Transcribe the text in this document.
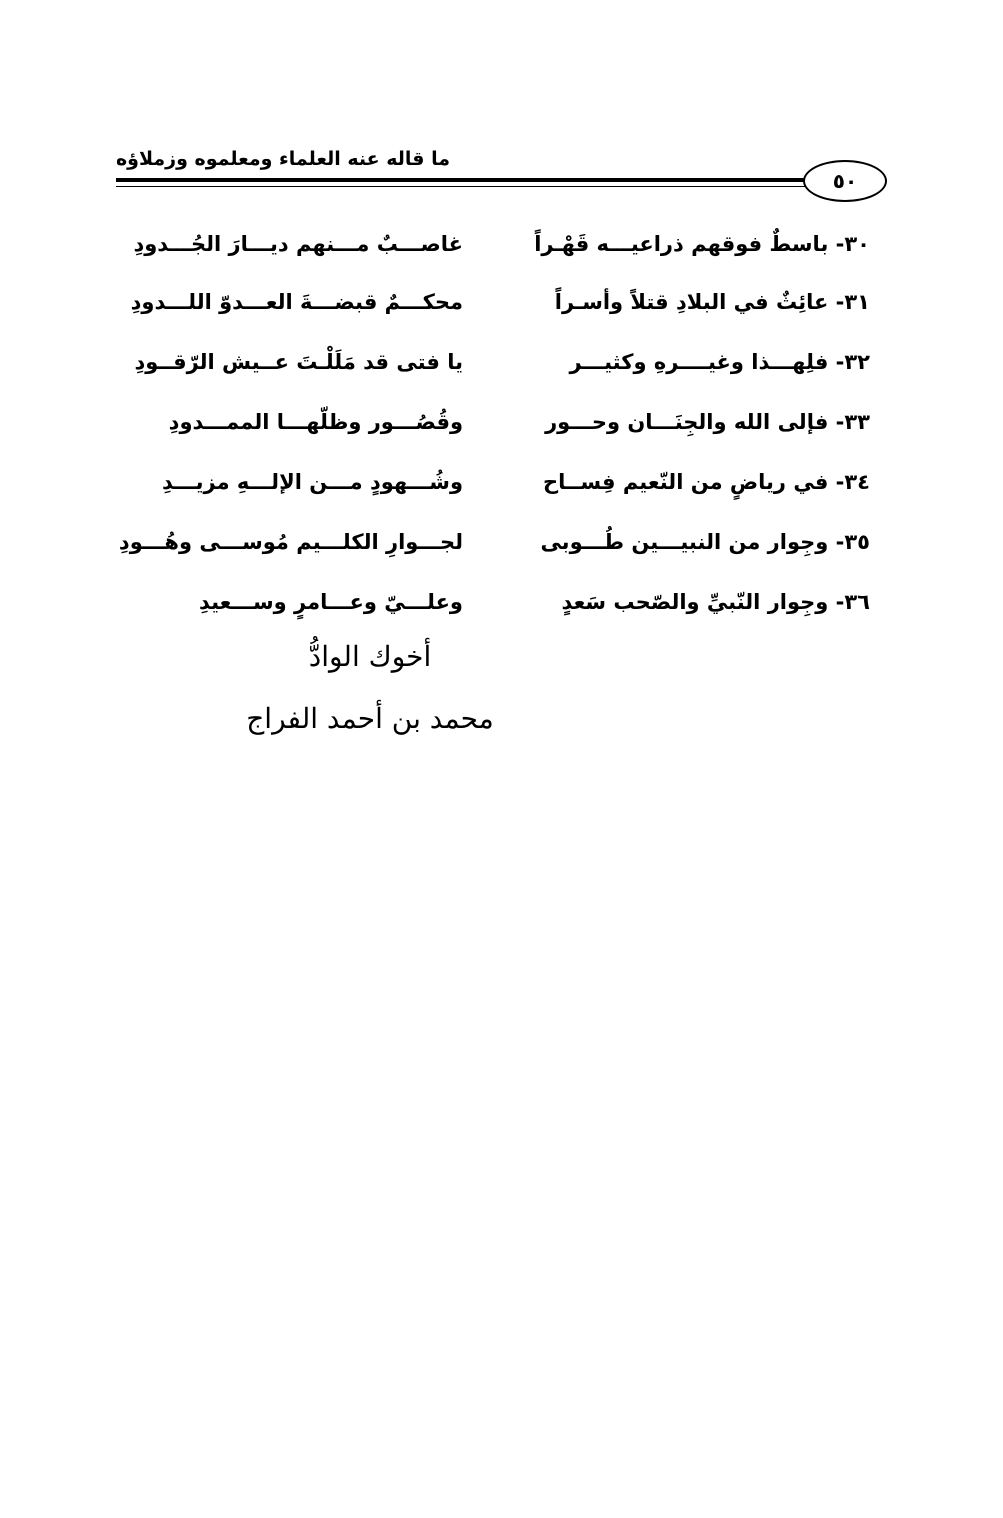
ما قاله عنه العلماء ومعلموه وزملاؤه
٥٠
٣٠- باسطٌ فوقهم ذراعيـــه قَهْـراً
غاصـــبٌ مـــنهم ديـــارَ الجُـــدودِ
٣١- عائِثٌ في البلادِ قتلاً وأسـراً
محكـــمٌ قبضـــةَ العـــدوّ اللـــدودِ
٣٢- فلِهـــذا وغيــــرهِ وكثيـــر
يا فتى قد مَلَلْـتَ عــيش الرّقــودِ
٣٣- فإلى الله والجِنَـــان وحـــور
وقُصُـــور وظلّهـــا الممـــدودِ
٣٤- في رياضٍ من النّعيم فِســاح
وشُـــهودٍ مـــن الإلـــهِ مزيـــدِ
٣٥- وجِوار من النبيـــين طُـــوبى
لجـــوارِ الكلـــيم مُوســـى وهُـــودِ
٣٦- وجِوار النّبيِّ والصّحب سَعدٍ
وعلـــيّ وعـــامرٍ وســـعيدِ
أخوك الوادُّ
محمد بن أحمد الفراج
